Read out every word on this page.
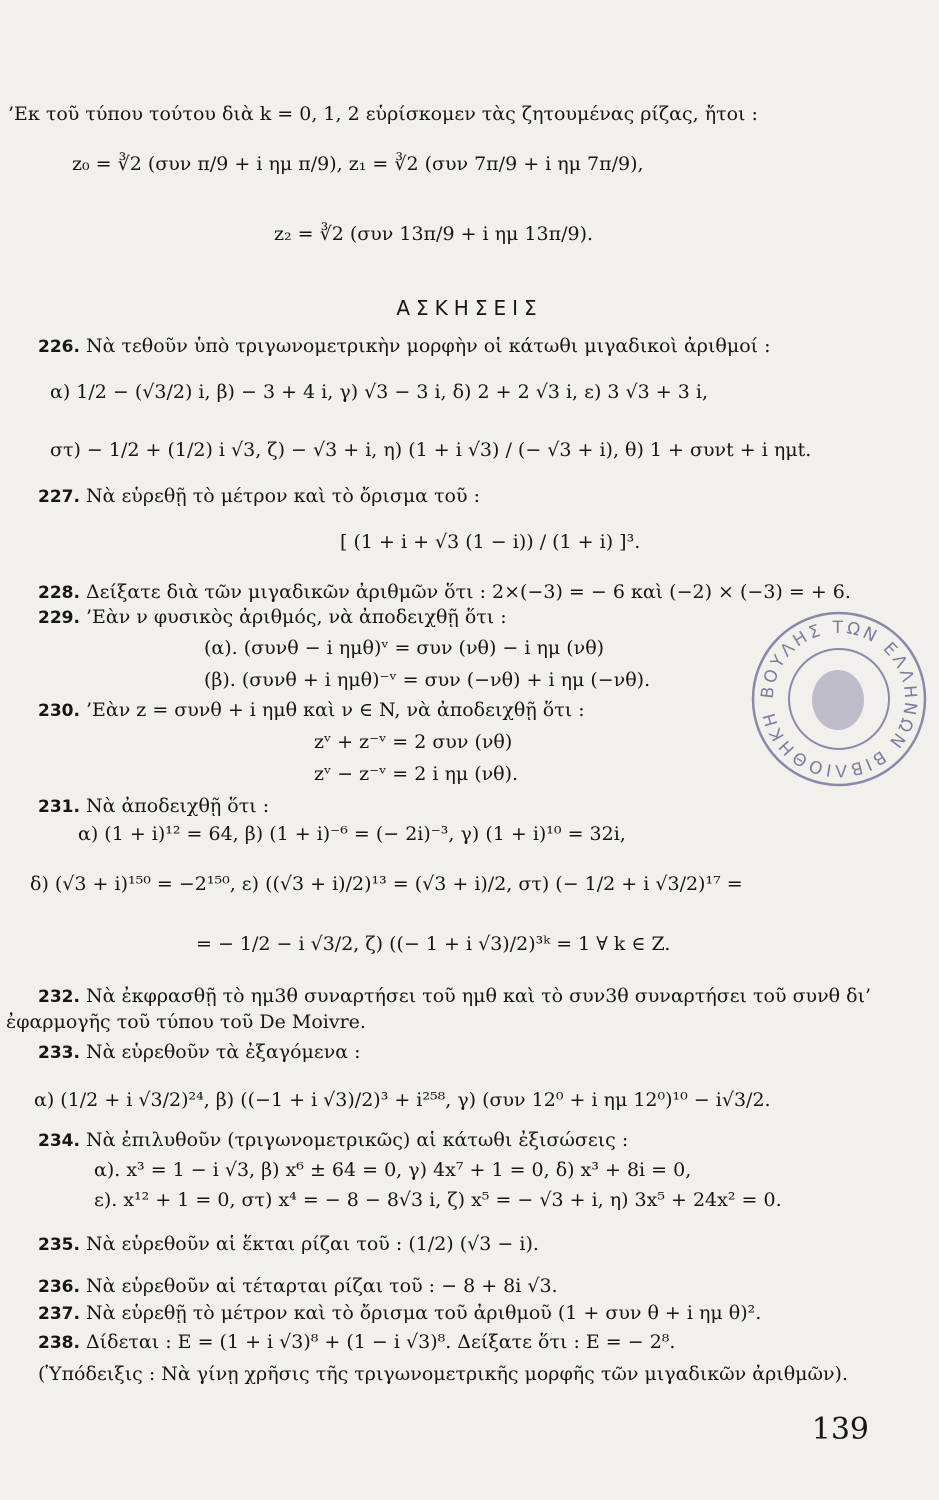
’Εκ τοῦ τύπου τούτου διὰ k = 0, 1, 2 εὑρίσκομεν τὰς ζητουμένας ρίζας, ἤτοι :
z₀ = ∛2 (συν π/9 + i ημ π/9), z₁ = ∛2 (συν 7π/9 + i ημ 7π/9),
z₂ = ∛2 (συν 13π/9 + i ημ 13π/9).
ΑΣΚΗΣΕΙΣ
226. Νὰ τεθοῦν ὑπὸ τριγωνομετρικὴν μορφὴν οἱ κάτωθι μιγαδικοὶ ἀριθμοί :
α) 1/2 − (√3/2) i, β) − 3 + 4 i, γ) √3 − 3 i, δ) 2 + 2 √3 i, ε) 3 √3 + 3 i,
στ) − 1/2 + (1/2) i √3, ζ) − √3 + i, η) (1 + i √3) / (− √3 + i), θ) 1 + συνt + i ημt.
227. Νὰ εὑρεθῇ τὸ μέτρον καὶ τὸ ὄρισμα τοῦ :
[ (1 + i + √3 (1 − i)) / (1 + i) ]³.
228. Δείξατε διὰ τῶν μιγαδικῶν ἀριθμῶν ὅτι : 2×(−3) = − 6 καὶ (−2) × (−3) = + 6.
229. ’Εὰν ν φυσικὸς ἀριθμός, νὰ ἀποδειχθῇ ὅτι :
(α). (συνθ − i ημθ)ᵛ = συν (νθ) − i ημ (νθ)
(β). (συνθ + i ημθ)⁻ᵛ = συν (−νθ) + i ημ (−νθ).
230. ’Εὰν z = συνθ + i ημθ καὶ ν ∈ N, νὰ ἀποδειχθῇ ὅτι :
zᵛ + z⁻ᵛ = 2 συν (νθ)
zᵛ − z⁻ᵛ = 2 i ημ (νθ).
231. Νὰ ἀποδειχθῇ ὅτι :
α) (1 + i)¹² = 64, β) (1 + i)⁻⁶ = (− 2i)⁻³, γ) (1 + i)¹⁰ = 32i,
δ) (√3 + i)¹⁵⁰ = −2¹⁵⁰, ε) ((√3 + i)/2)¹³ = (√3 + i)/2, στ) (− 1/2 + i √3/2)¹⁷ =
= − 1/2 − i √3/2, ζ) ((− 1 + i √3)/2)³ᵏ = 1 ∀ k ∈ Z.
232. Νὰ ἐκφρασθῇ τὸ ημ3θ συναρτήσει τοῦ ημθ καὶ τὸ συν3θ συναρτήσει τοῦ συνθ δι’
ἐφαρμογῆς τοῦ τύπου τοῦ De Moivre.
233. Νὰ εὑρεθοῦν τὰ ἐξαγόμενα :
α) (1/2 + i √3/2)²⁴, β) ((−1 + i √3)/2)³ + i²⁵⁸, γ) (συν 12⁰ + i ημ 12⁰)¹⁰ − i√3/2.
234. Νὰ ἐπιλυθοῦν (τριγωνομετρικῶς) αἱ κάτωθι ἐξισώσεις :
α). x³ = 1 − i √3, β) x⁶ ± 64 = 0, γ) 4x⁷ + 1 = 0, δ) x³ + 8i = 0,
ε). x¹² + 1 = 0, στ) x⁴ = − 8 − 8√3 i, ζ) x⁵ = − √3 + i, η) 3x⁵ + 24x² = 0.
235. Νὰ εὑρεθοῦν αἱ ἕκται ρίζαι τοῦ : (1/2) (√3 − i).
236. Νὰ εὑρεθοῦν αἱ τέταρται ρίζαι τοῦ : − 8 + 8i √3.
237. Νὰ εὑρεθῇ τὸ μέτρον καὶ τὸ ὄρισμα τοῦ ἀριθμοῦ (1 + συν θ + i ημ θ)².
238. Δίδεται : E = (1 + i √3)⁸ + (1 − i √3)⁸. Δείξατε ὅτι : E = − 2⁸.
(Ὑπόδειξις : Νὰ γίνῃ χρῆσις τῆς τριγωνομετρικῆς μορφῆς τῶν μιγαδικῶν ἀριθμῶν).
139
ΒΟΥΛΗΣ ΤΩΝ ΕΛΛΗΝΩΝ ΒΙΒΛΙΟΘΗΚΗ
